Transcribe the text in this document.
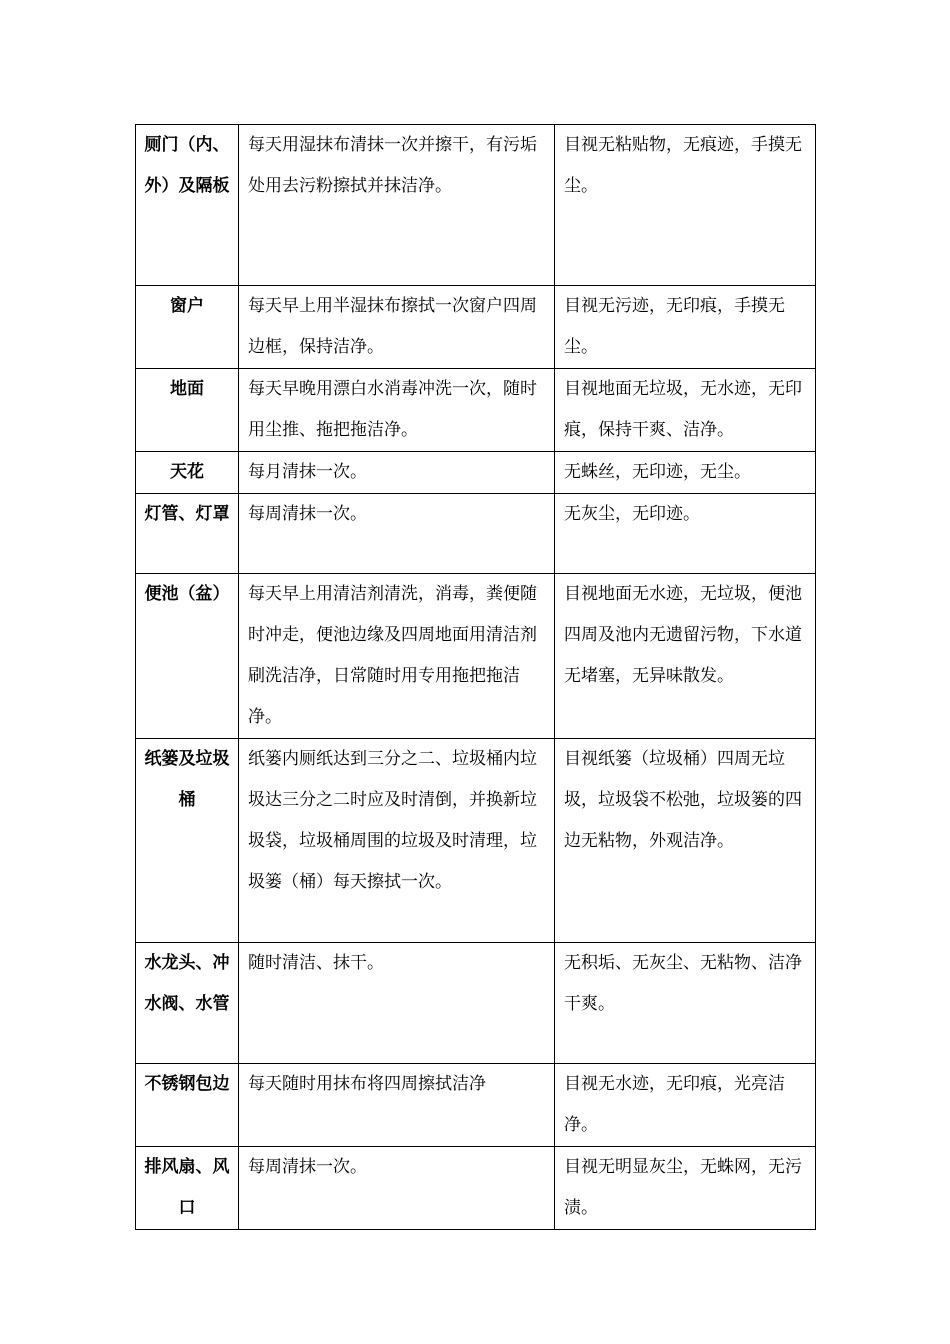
厕门（内、外）及隔板	每天用湿抹布清抹一次并擦干，有污垢处用去污粉擦拭并抹洁净。	目视无粘贴物，无痕迹，手摸无尘。
窗户	每天早上用半湿抹布擦拭一次窗户四周边框，保持洁净。	目视无污迹，无印痕，手摸无尘。
地面	每天早晚用漂白水消毒冲洗一次，随时用尘推、拖把拖洁净。	目视地面无垃圾，无水迹，无印痕，保持干爽、洁净。
天花	每月清抹一次。	无蛛丝，无印迹，无尘。
灯管、灯罩	每周清抹一次。	无灰尘，无印迹。
便池（盆）	每天早上用清洁剂清洗，消毒，粪便随时冲走，便池边缘及四周地面用清洁剂刷洗洁净，日常随时用专用拖把拖洁净。	目视地面无水迹，无垃圾，便池四周及池内无遗留污物，下水道无堵塞，无异味散发。
纸篓及垃圾桶	纸篓内厕纸达到三分之二、垃圾桶内垃圾达三分之二时应及时清倒，并换新垃圾袋，垃圾桶周围的垃圾及时清理，垃圾篓（桶）每天擦拭一次。	目视纸篓（垃圾桶）四周无垃圾，垃圾袋不松弛，垃圾篓的四边无粘物，外观洁净。
水龙头、冲水阀、水管	随时清洁、抹干。	无积垢、无灰尘、无粘物、洁净干爽。
不锈钢包边	每天随时用抹布将四周擦拭洁净	目视无水迹，无印痕，光亮洁净。
排风扇、风口	每周清抹一次。	目视无明显灰尘，无蛛网，无污渍。
